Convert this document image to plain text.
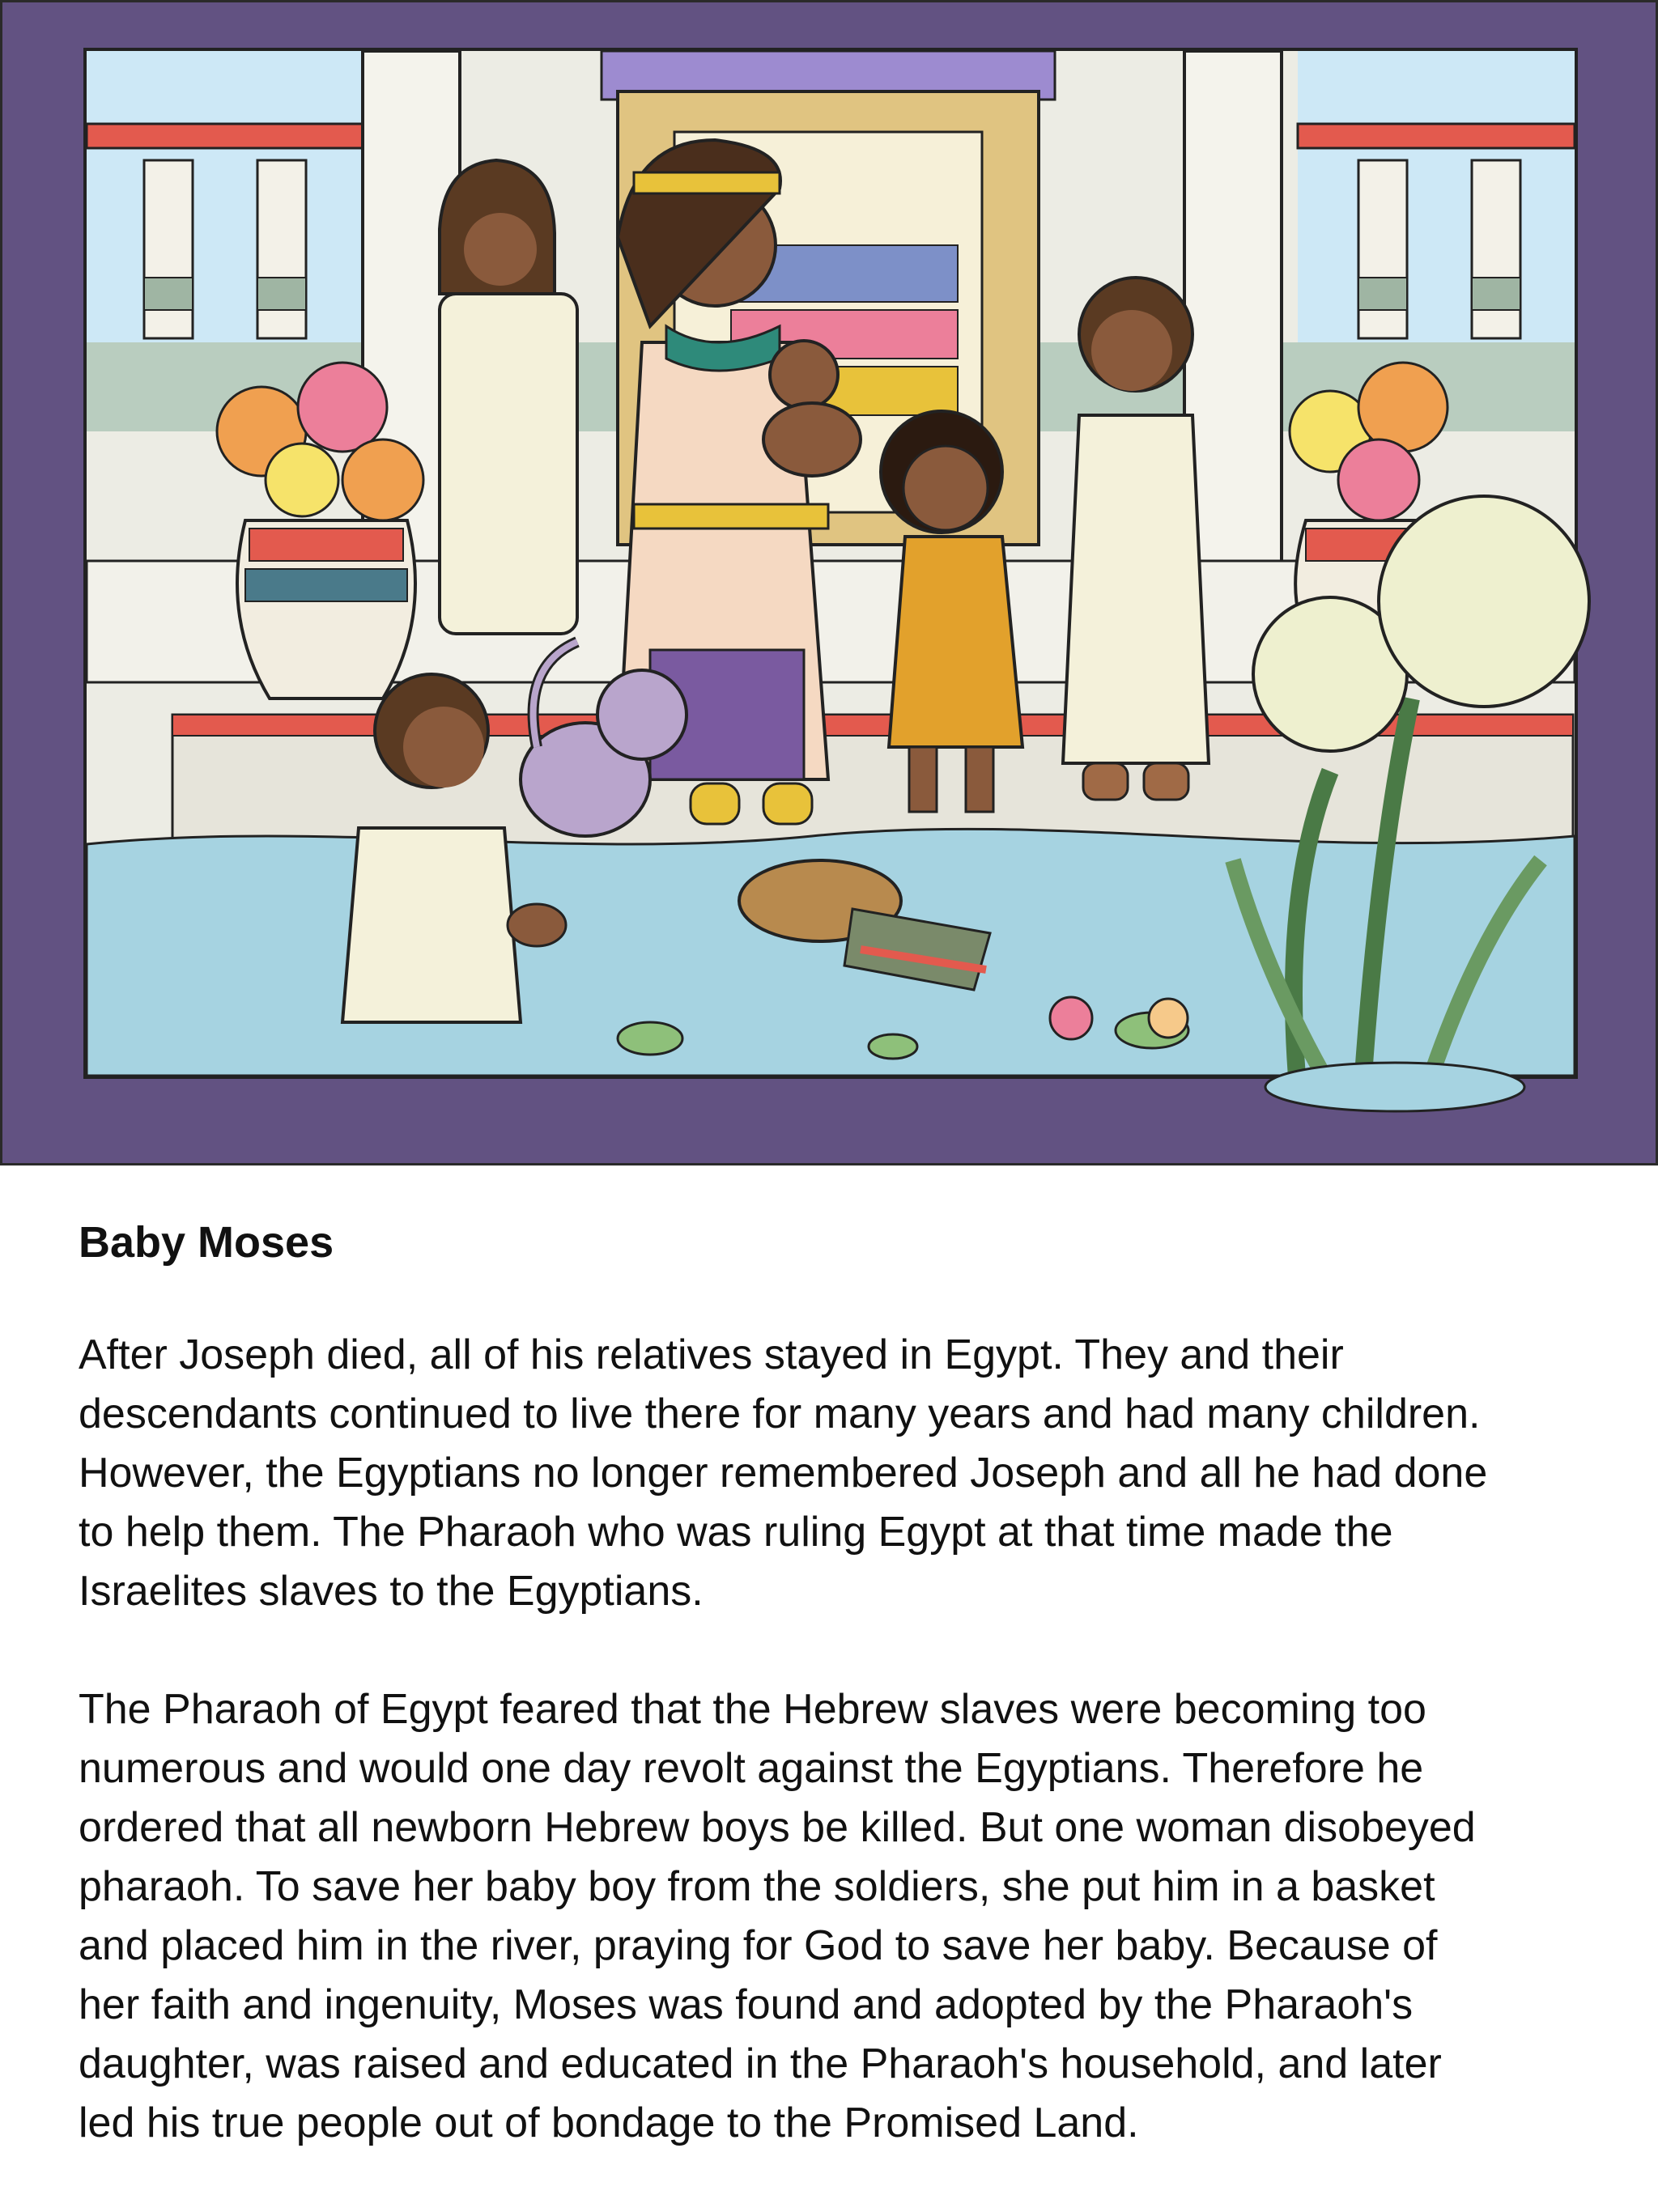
Baby Moses

After Joseph died, all of his relatives stayed in Egypt. They and their
descendants continued to live there for many years and had many children.
However, the Egyptians no longer remembered Joseph and all he had done
to help them. The Pharaoh who was ruling Egypt at that time made the
Israelites slaves to the Egyptians.

The Pharaoh of Egypt feared that the Hebrew slaves were becoming too
numerous and would one day revolt against the Egyptians. Therefore he
ordered that all newborn Hebrew boys be killed. But one woman disobeyed
pharaoh. To save her baby boy from the soldiers, she put him in a basket
and placed him in the river, praying for God to save her baby. Because of
her faith and ingenuity, Moses was found and adopted by the Pharaoh's
daughter, was raised and educated in the Pharaoh's household, and later
led his true people out of bondage to the Promised Land.
